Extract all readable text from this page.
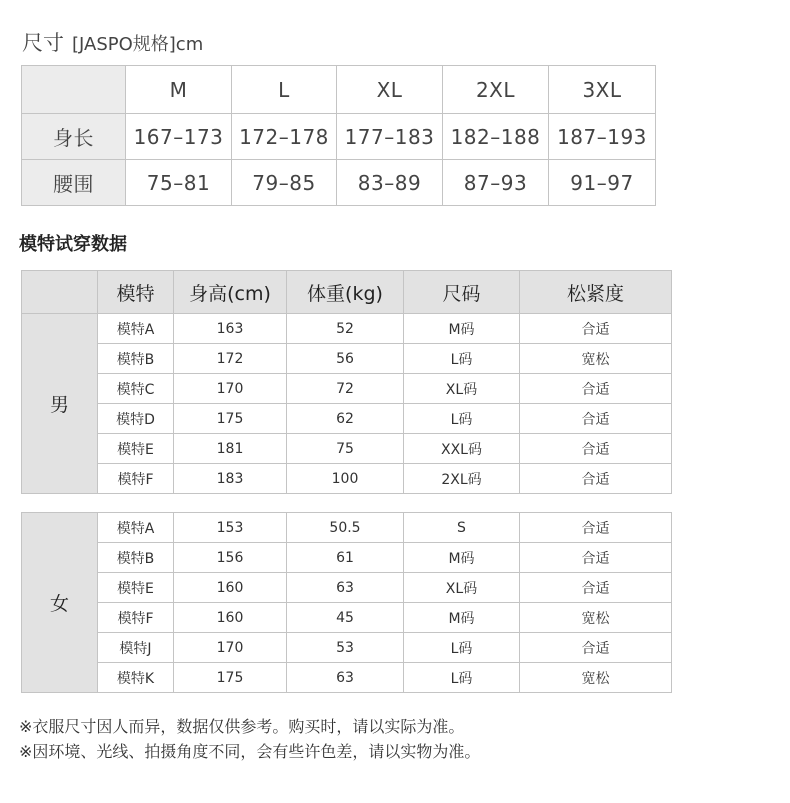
尺寸 [JASPO规格]cm
	M	L	XL	2XL	3XL
身长	167–173	172–178	177–183	182–188	187–193
腰围	75–81	79–85	83–89	87–93	91–97
模特试穿数据
	模特	身高(cm)	体重(kg)	尺码	松紧度
男	模特A	163	52	M码	合适
	模特B	172	56	L码	宽松
	模特C	170	72	XL码	合适
	模特D	175	62	L码	合适
	模特E	181	75	XXL码	合适
	模特F	183	100	2XL码	合适
女	模特A	153	50.5	S	合适
	模特B	156	61	M码	合适
	模特E	160	63	XL码	合适
	模特F	160	45	M码	宽松
	模特J	170	53	L码	合适
	模特K	175	63	L码	宽松
※衣服尺寸因人而异，数据仅供参考。购买时，请以实际为准。
※因环境、光线、拍摄角度不同，会有些许色差，请以实物为准。
